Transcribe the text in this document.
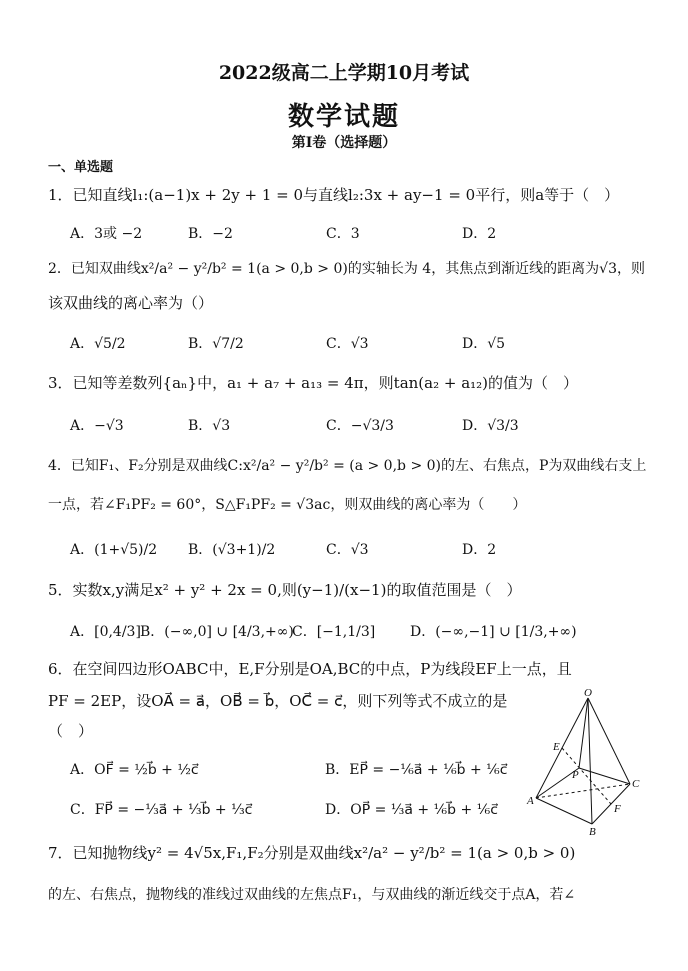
2022级高二上学期10月考试
数学试题
第Ⅰ卷（选择题）
一、单选题
1．已知直线l₁:(a−1)x + 2y + 1 = 0与直线l₂:3x + ay−1 = 0平行，则a等于（　）
A．3或 −2	B．−2	C．3	D．2
2．已知双曲线x²/a² − y²/b² = 1(a > 0,b > 0)的实轴长为 4，其焦点到渐近线的距离为√3，则
该双曲线的离心率为（）
A．√5/2	B．√7/2	C．√3	D．√5
3．已知等差数列{aₙ}中，a₁ + a₇ + a₁₃ = 4π，则tan(a₂ + a₁₂)的值为（　）
A．−√3	B．√3	C．−√3/3	D．√3/3
4．已知F₁、F₂分别是双曲线C:x²/a² − y²/b² = (a > 0,b > 0)的左、右焦点，P为双曲线右支上
一点，若∠F₁PF₂ = 60°，S△F₁PF₂ = √3ac，则双曲线的离心率为（　　）
A．(1+√5)/2 B．(√3+1)/2	C．√3	D．2
5．实数x,y满足x² + y² + 2x = 0,则(y−1)/(x−1)的取值范围是（　）
A．[0,4/3] B．(−∞,0] ∪ [4/3,+∞)
C．[−1,1/3] D．(−∞,−1] ∪ [1/3,+∞)
6．在空间四边形OABC中，E,F分别是OA,BC的中点，P为线段EF上一点，且
PF = 2EP，设OA⃗ = a⃗，OB⃗ = b⃗，OC⃗ = c⃗，则下列等式不成立的是
（　）
A．OF⃗ = ½b⃗ + ½c⃗	B．EP⃗ = −⅙a⃗ + ⅙b⃗ + ⅙c⃗
C．FP⃗ = −⅓a⃗ + ⅓b⃗ + ⅓c⃗	D．OP⃗ = ⅓a⃗ + ⅙b⃗ + ⅙c⃗
7．已知抛物线y² = 4√5x,F₁,F₂分别是双曲线x²/a² − y²/b² = 1(a > 0,b > 0)
的左、右焦点，抛物线的准线过双曲线的左焦点F₁，与双曲线的渐近线交于点A，若∠
O
E
P
C
A
F
B
